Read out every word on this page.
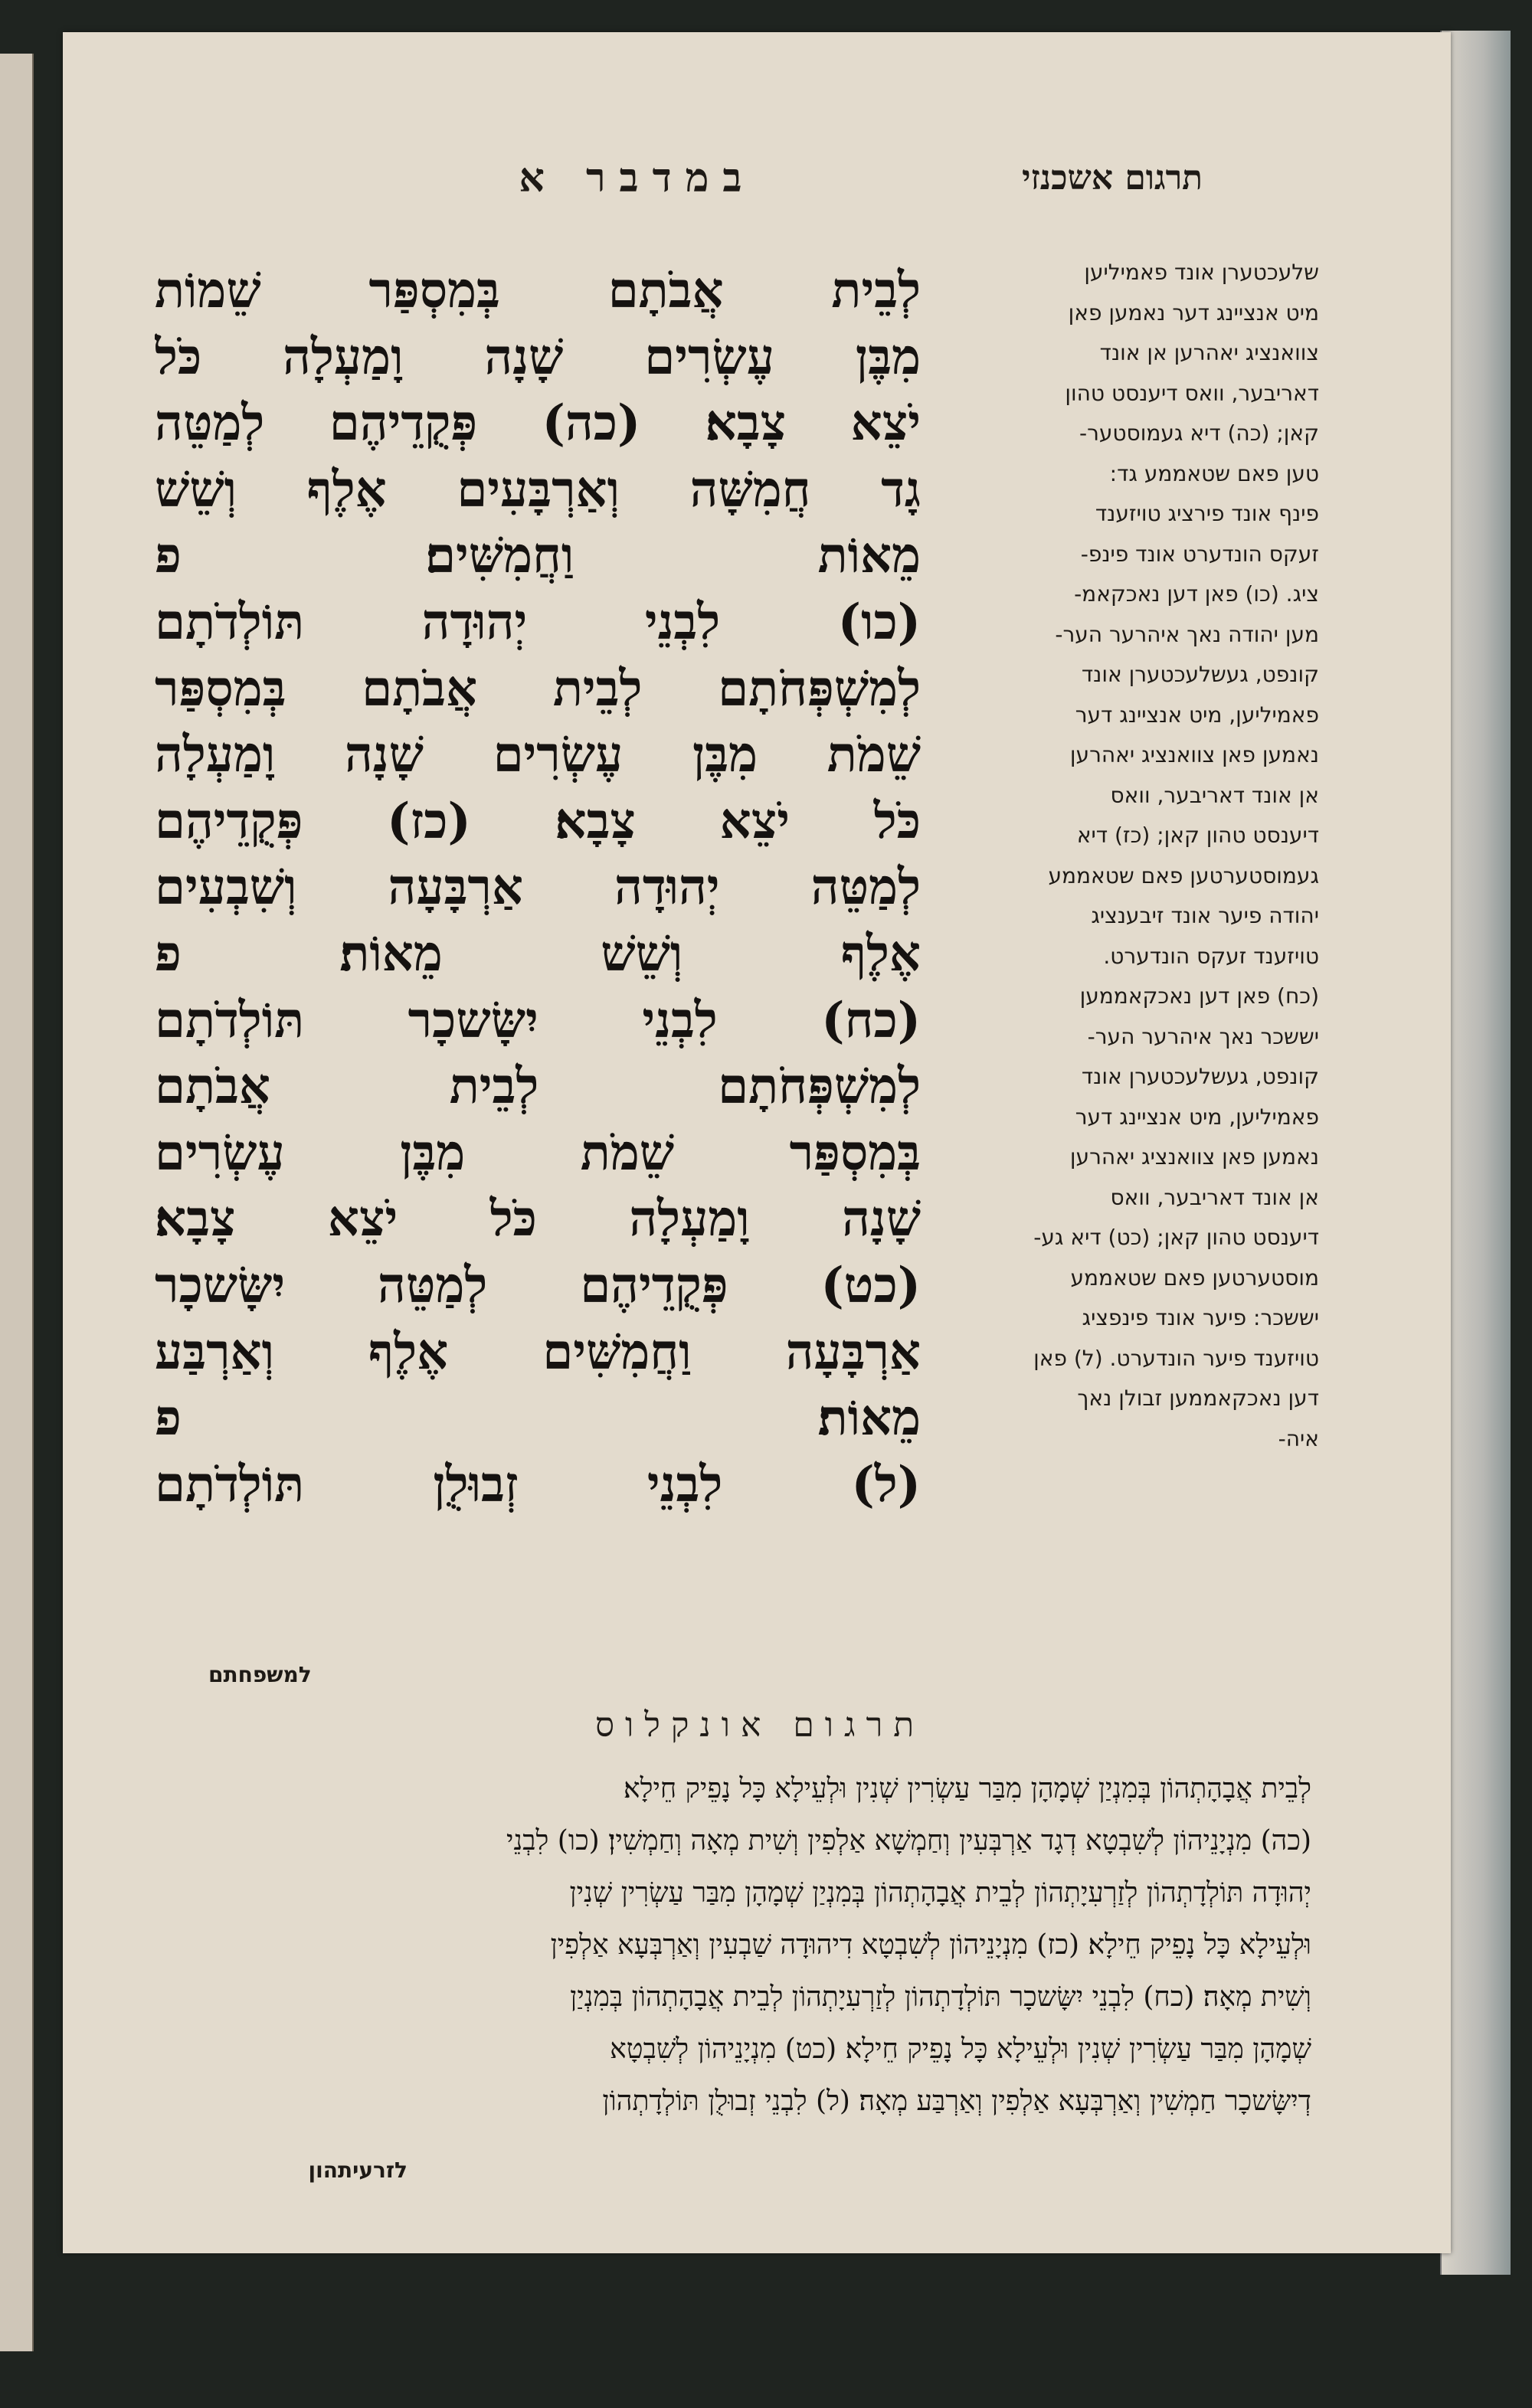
במדבר א	תרגום אשכנזי
לְבֵית אֲבֹתָם בְּמִסְפַּר שֵׁמוֹת
מִבֶּן עֶשְׂרִים שָׁנָה וָמַעְלָה כֹּל
יֹצֵא צָבָא׃ (כה) פְּקֻדֵיהֶם לְמַטֵּה
גָד חֲמִשָּׁה וְאַרְבָּעִים אֶלֶף וְשֵׁשׁ
מֵאוֹת וַחֲמִשִּׁים׃ פ
(כו) לִבְנֵי יְהוּדָה תּוֹלְדֹתָם
לְמִשְׁפְּחֹתָם לְבֵית אֲבֹתָם בְּמִסְפַּר
שֵׁמֹת מִבֶּן עֶשְׂרִים שָׁנָה וָמַעְלָה
כֹּל יֹצֵא צָבָא׃ (כז) פְּקֻדֵיהֶם
לְמַטֵּה יְהוּדָה אַרְבָּעָה וְשִׁבְעִים
אֶלֶף וְשֵׁשׁ מֵאוֹת׃ פ
(כח) לִבְנֵי יִשָּׂשכָר תּוֹלְדֹתָם
לְמִשְׁפְּחֹתָם לְבֵית אֲבֹתָם
בְּמִסְפַּר שֵׁמֹת מִבֶּן עֶשְׂרִים
שָׁנָה וָמַעְלָה כֹּל יֹצֵא צָבָא׃
(כט) פְּקֻדֵיהֶם לְמַטֵּה יִשָּׂשכָר
אַרְבָּעָה וַחֲמִשִּׁים אֶלֶף וְאַרְבַּע
מֵאוֹת׃ פ
(ל) לִבְנֵי זְבוּלֻן תּוֹלְדֹתָם
למשפחתם
שלעכטערן אונד פאמיליען
מיט אנציינג דער נאמען פאן
צוואנציג יאהרען אן אונד
דאריבער, וואס דיענסט טהון
קאן; (כה) דיא געמוסטער-
טען פאם שטאממע גד:
פינף אונד פירציג טויזענד
זעקס הונדערט אונד פינפ-
ציג. (כו) פאן דען נאכקאמ-
מען יהודה נאך איהרער הער-
קונפט, געשלעכטערן אונד
פאמיליען, מיט אנציינג דער
נאמען פאן צוואנציג יאהרען
אן אונד דאריבער, וואס
דיענסט טהון קאן; (כז) דיא
געמוסטערטען פאם שטאממע
יהודה פיער אונד זיבענציג
טויזענד זעקס הונדערט.
(כח) פאן דען נאכקאממען
יששכר נאך איהרער הער-
קונפט, געשלעכטערן אונד
פאמיליען, מיט אנציינג דער
נאמען פאן צוואנציג יאהרען
אן אונד דאריבער, וואס
דיענסט טהון קאן; (כט) דיא גע-
מוסטערטען פאם שטאממע
יששכר: פיער אונד פינפציג
טויזענד פיער הונדערט. (ל) פאן
דען נאכקאממען זבולן נאך
איה-
תרגום אונקלוס
לְבֵית אֲבָהָתְהוֹן בְּמִנְיַן שְׁמָהָן מִבַּר עַשְׂרִין שְׁנִין וּלְעֵילָא כָּל נָפֵיק חֵילָא׃
(כה) מִנְיָנֵיהוֹן לְשִׁבְטָא דְגָד אַרְבְּעִין וְחַמְשָׁא אַלְפִין וְשִׁית מְאָה וְחַמְשִׁין׃ (כו) לִבְנֵי
יְהוּדָה תּוֹלְדָתְהוֹן לְזַרְעִיָתְהוֹן לְבֵית אֲבָהָתְהוֹן בְּמִנְיַן שְׁמָהָן מִבַּר עַשְׂרִין שְׁנִין
וּלְעֵילָא כָּל נָפֵיק חֵילָא׃ (כז) מִנְיָנֵיהוֹן לְשִׁבְטָא דִיהוּדָה שַׁבְעִין וְאַרְבְּעָא אַלְפִין
וְשִׁית מְאָה׃ (כח) לִבְנֵי יִשָּׂשכָר תּוֹלְדָתְהוֹן לְזַרְעִיָתְהוֹן לְבֵית אֲבָהָתְהוֹן בְּמִנְיַן
שְׁמָהָן מִבַּר עַשְׂרִין שְׁנִין וּלְעֵילָא כָּל נָפֵיק חֵילָא׃ (כט) מִנְיָנֵיהוֹן לְשִׁבְטָא
דְיִשָּׂשכָר חַמְשִׁין וְאַרְבְּעָא אַלְפִין וְאַרְבַּע מְאָה׃ (ל) לִבְנֵי זְבוּלֻן תּוֹלְדָתְהוֹן
לזרעיתהון
